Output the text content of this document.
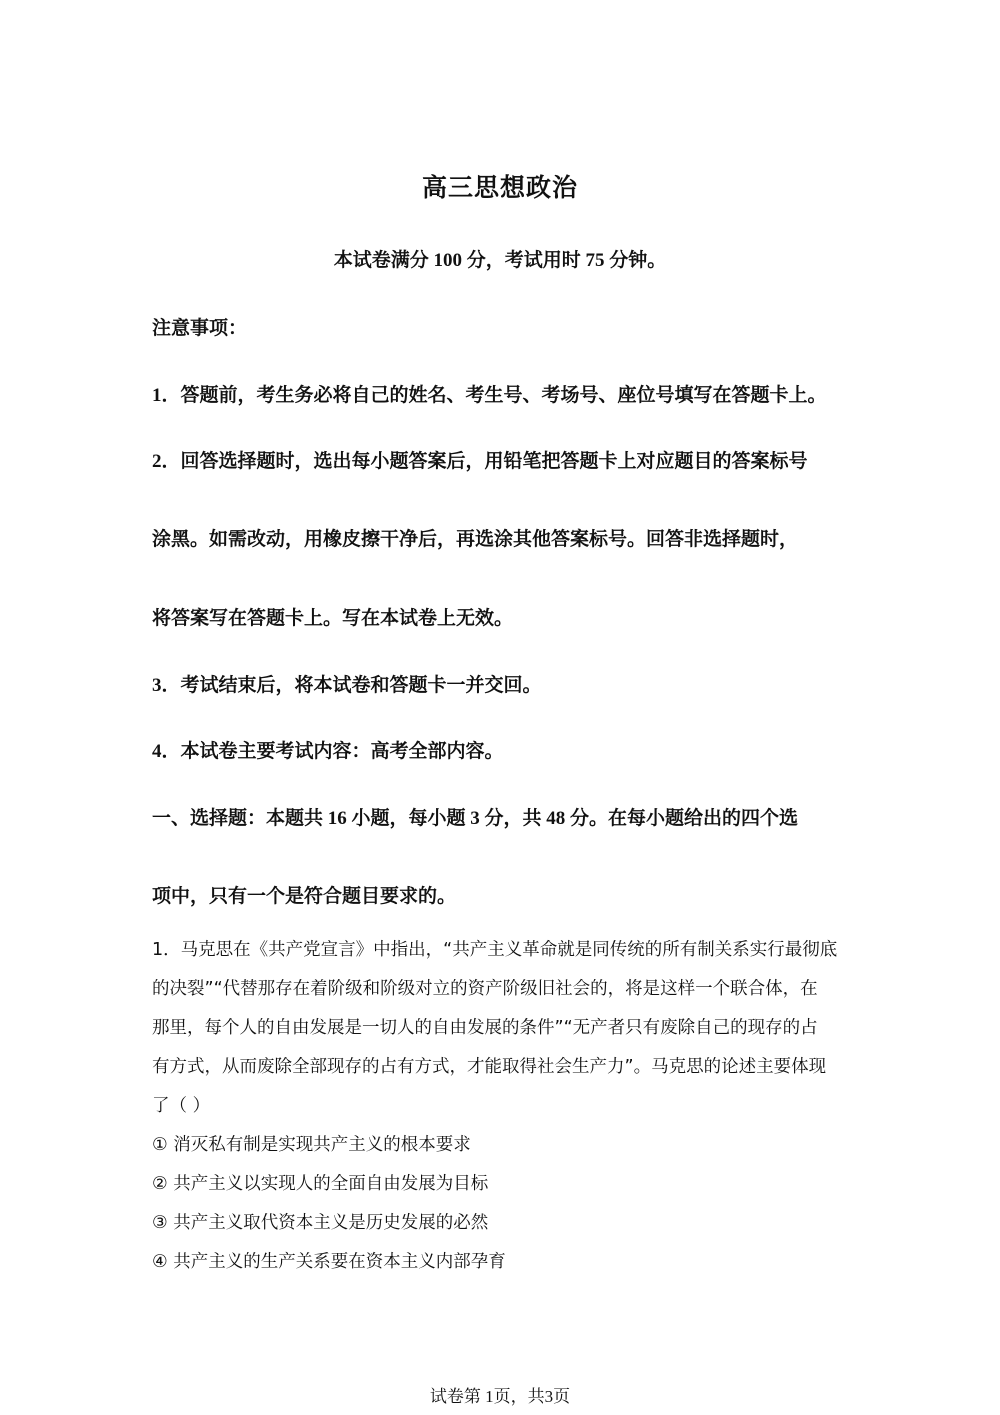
高三思想政治
本试卷满分 100 分，考试用时 75 分钟。
注意事项：
1．答题前，考生务必将自己的姓名、考生号、考场号、座位号填写在答题卡上。
2．回答选择题时，选出每小题答案后，用铅笔把答题卡上对应题目的答案标号
涂黑。如需改动，用橡皮擦干净后，再选涂其他答案标号。回答非选择题时，
将答案写在答题卡上。写在本试卷上无效。
3．考试结束后，将本试卷和答题卡一并交回。
4．本试卷主要考试内容：高考全部内容。
一、选择题：本题共 16 小题，每小题 3 分，共 48 分。在每小题给出的四个选
项中，只有一个是符合题目要求的。
1．马克思在《共产党宣言》中指出，“共产主义革命就是同传统的所有制关系实行最彻底
的决裂”“代替那存在着阶级和阶级对立的资产阶级旧社会的，将是这样一个联合体，在
那里，每个人的自由发展是一切人的自由发展的条件”“无产者只有废除自己的现存的占
有方式，从而废除全部现存的占有方式，才能取得社会生产力”。马克思的论述主要体现
了（ ）
① 消灭私有制是实现共产主义的根本要求
② 共产主义以实现人的全面自由发展为目标
③ 共产主义取代资本主义是历史发展的必然
④ 共产主义的生产关系要在资本主义内部孕育
试卷第 1页，共3页
